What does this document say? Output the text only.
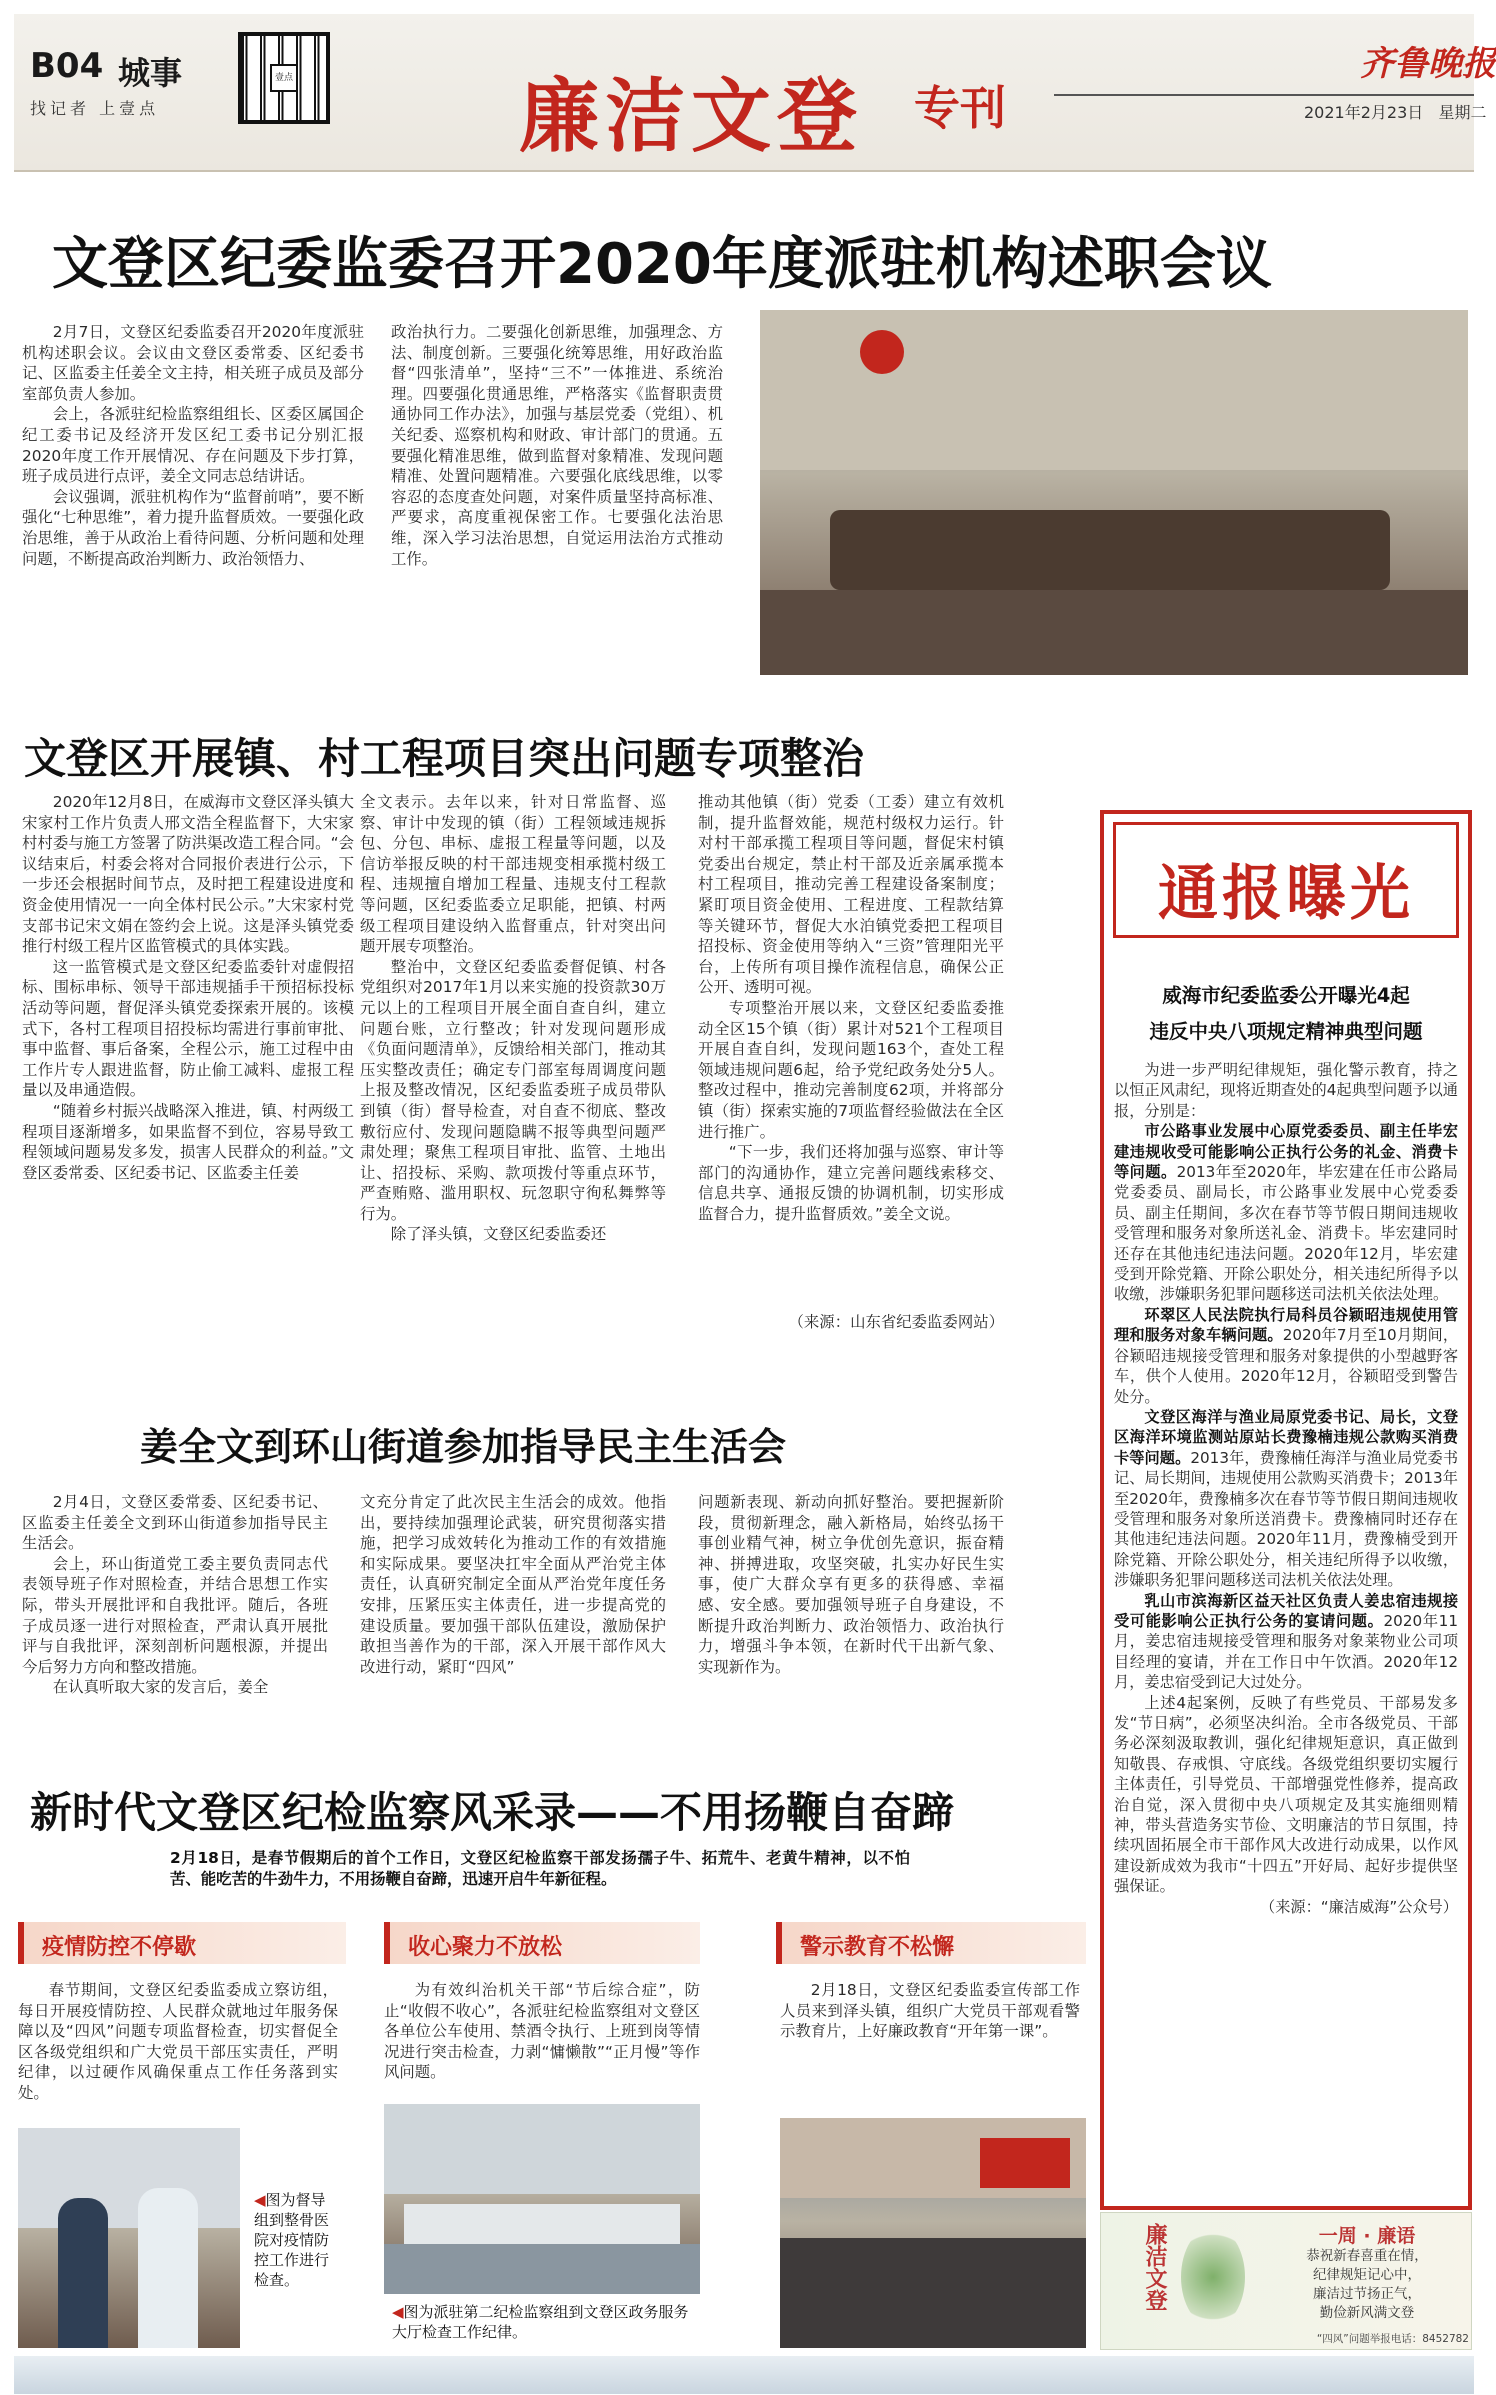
B04 城事
找记者 上壹点
壹点	廉洁文登 专刊
齐鲁晚报
2021年2月23日 星期二
文登区纪委监委召开2020年度派驻机构述职会议

2月7日，文登区纪委监委召开2020年度派驻机构述职会议。会议由文登区委常委、区纪委书记、区监委主任姜全文主持，相关班子成员及部分室部负责人参加。

会上，各派驻纪检监察组组长、区委区属国企纪工委书记及经济开发区纪工委书记分别汇报2020年度工作开展情况、存在问题及下步打算，班子成员进行点评，姜全文同志总结讲话。

会议强调，派驻机构作为“监督前哨”，要不断强化“七种思维”，着力提升监督质效。一要强化政治思维，善于从政治上看待问题、分析问题和处理问题，不断提高政治判断力、政治领悟力、

政治执行力。二要强化创新思维，加强理念、方法、制度创新。三要强化统筹思维，用好政治监督“四张清单”，坚持“三不”一体推进、系统治理。四要强化贯通思维，严格落实《监督职责贯通协同工作办法》，加强与基层党委（党组）、机关纪委、巡察机构和财政、审计部门的贯通。五要强化精准思维，做到监督对象精准、发现问题精准、处置问题精准。六要强化底线思维，以零容忍的态度查处问题，对案件质量坚持高标准、严要求，高度重视保密工作。七要强化法治思维，深入学习法治思想，自觉运用法治方式推动工作。

文登区开展镇、村工程项目突出问题专项整治

2020年12月8日，在威海市文登区泽头镇大宋家村工作片负责人邢文浩全程监督下，大宋家村村委与施工方签署了防洪渠改造工程合同。“会议结束后，村委会将对合同报价表进行公示，下一步还会根据时间节点，及时把工程建设进度和资金使用情况一一向全体村民公示。”大宋家村党支部书记宋文娟在签约会上说。这是泽头镇党委推行村级工程片区监管模式的具体实践。

这一监管模式是文登区纪委监委针对虚假招标、围标串标、领导干部违规插手干预招标投标活动等问题，督促泽头镇党委探索开展的。该模式下，各村工程项目招投标均需进行事前审批、事中监督、事后备案，全程公示，施工过程中由工作片专人跟进监督，防止偷工减料、虚报工程量以及串通造假。

“随着乡村振兴战略深入推进，镇、村两级工程项目逐渐增多，如果监督不到位，容易导致工程领域问题易发多发，损害人民群众的利益。”文登区委常委、区纪委书记、区监委主任姜

全文表示。去年以来，针对日常监督、巡察、审计中发现的镇（街）工程领域违规拆包、分包、串标、虚报工程量等问题，以及信访举报反映的村干部违规变相承揽村级工程、违规擅自增加工程量、违规支付工程款等问题，区纪委监委立足职能，把镇、村两级工程项目建设纳入监督重点，针对突出问题开展专项整治。

整治中，文登区纪委监委督促镇、村各党组织对2017年1月以来实施的投资款30万元以上的工程项目开展全面自查自纠，建立问题台账，立行整改；针对发现问题形成《负面问题清单》，反馈给相关部门，推动其压实整改责任；确定专门部室每周调度问题上报及整改情况，区纪委监委班子成员带队到镇（街）督导检查，对自查不彻底、整改敷衍应付、发现问题隐瞒不报等典型问题严肃处理；聚焦工程项目审批、监管、土地出让、招投标、采购、款项拨付等重点环节，严查贿赂、滥用职权、玩忽职守徇私舞弊等行为。

除了泽头镇，文登区纪委监委还

推动其他镇（街）党委（工委）建立有效机制，提升监督效能，规范村级权力运行。针对村干部承揽工程项目等问题，督促宋村镇党委出台规定，禁止村干部及近亲属承揽本村工程项目，推动完善工程建设备案制度；紧盯项目资金使用、工程进度、工程款结算等关键环节，督促大水泊镇党委把工程项目招投标、资金使用等纳入“三资”管理阳光平台，上传所有项目操作流程信息，确保公正公开、透明可视。

专项整治开展以来，文登区纪委监委推动全区15个镇（街）累计对521个工程项目开展自查自纠，发现问题163个，查处工程领域违规问题6起，给予党纪政务处分5人。整改过程中，推动完善制度62项，并将部分镇（街）探索实施的7项监督经验做法在全区进行推广。

“下一步，我们还将加强与巡察、审计等部门的沟通协作，建立完善问题线索移交、信息共享、通报反馈的协调机制，切实形成监督合力，提升监督质效。”姜全文说。

（来源：山东省纪委监委网站）
姜全文到环山街道参加指导民主生活会

2月4日，文登区委常委、区纪委书记、区监委主任姜全文到环山街道参加指导民主生活会。

会上，环山街道党工委主要负责同志代表领导班子作对照检查，并结合思想工作实际，带头开展批评和自我批评。随后，各班子成员逐一进行对照检查，严肃认真开展批评与自我批评，深刻剖析问题根源，并提出今后努力方向和整改措施。

在认真听取大家的发言后，姜全

文充分肯定了此次民主生活会的成效。他指出，要持续加强理论武装，研究贯彻落实措施，把学习成效转化为推动工作的有效措施和实际成果。要坚决扛牢全面从严治党主体责任，认真研究制定全面从严治党年度任务安排，压紧压实主体责任，进一步提高党的建设质量。要加强干部队伍建设，激励保护敢担当善作为的干部，深入开展干部作风大改进行动，紧盯“四风”

问题新表现、新动向抓好整治。要把握新阶段，贯彻新理念，融入新格局，始终弘扬干事创业精气神，树立争优创先意识，振奋精神、拼搏进取，攻坚突破，扎实办好民生实事，使广大群众享有更多的获得感、幸福感、安全感。要加强领导班子自身建设，不断提升政治判断力、政治领悟力、政治执行力，增强斗争本领，在新时代干出新气象、实现新作为。

新时代文登区纪检监察风采录——不用扬鞭自奋蹄
2月18日，是春节假期后的首个工作日，文登区纪检监察干部发扬孺子牛、拓荒牛、老黄牛精神，以不怕苦、能吃苦的牛劲牛力，不用扬鞭自奋蹄，迅速开启牛年新征程。
疫情防控不停歇

春节期间，文登区纪委监委成立察访组，每日开展疫情防控、人民群众就地过年服务保障以及“四风”问题专项监督检查，切实督促全区各级党组织和广大党员干部压实责任，严明纪律，以过硬作风确保重点工作任务落到实处。

◀图为督导组到整骨医院对疫情防控工作进行检查。
收心聚力不放松

为有效纠治机关干部“节后综合症”，防止“收假不收心”，各派驻纪检监察组对文登区各单位公车使用、禁酒令执行、上班到岗等情况进行突击检查，力剥“慵懒散”“正月慢”等作风问题。

◀图为派驻第二纪检监察组到文登区政务服务大厅检查工作纪律。
警示教育不松懈

2月18日，文登区纪委监委宣传部工作人员来到泽头镇，组织广大党员干部观看警示教育片，上好廉政教育“开年第一课”。

通报曝光
威海市纪委监委公开曝光4起
违反中央八项规定精神典型问题

为进一步严明纪律规矩，强化警示教育，持之以恒正风肃纪，现将近期查处的4起典型问题予以通报，分别是：

市公路事业发展中心原党委委员、副主任毕宏建违规收受可能影响公正执行公务的礼金、消费卡等问题。2013年至2020年，毕宏建在任市公路局党委委员、副局长，市公路事业发展中心党委委员、副主任期间，多次在春节等节假日期间违规收受管理和服务对象所送礼金、消费卡。毕宏建同时还存在其他违纪违法问题。2020年12月，毕宏建受到开除党籍、开除公职处分，相关违纪所得予以收缴，涉嫌职务犯罪问题移送司法机关依法处理。

环翠区人民法院执行局科员谷颖昭违规使用管理和服务对象车辆问题。2020年7月至10月期间，谷颖昭违规接受管理和服务对象提供的小型越野客车，供个人使用。2020年12月，谷颖昭受到警告处分。

文登区海洋与渔业局原党委书记、局长，文登区海洋环境监测站原站长费豫楠违规公款购买消费卡等问题。2013年，费豫楠任海洋与渔业局党委书记、局长期间，违规使用公款购买消费卡；2013年至2020年，费豫楠多次在春节等节假日期间违规收受管理和服务对象所送消费卡。费豫楠同时还存在其他违纪违法问题。2020年11月，费豫楠受到开除党籍、开除公职处分，相关违纪所得予以收缴，涉嫌职务犯罪问题移送司法机关依法处理。

乳山市滨海新区益天社区负责人姜忠宿违规接受可能影响公正执行公务的宴请问题。2020年11月，姜忠宿违规接受管理和服务对象莱物业公司项目经理的宴请，并在工作日中午饮酒。2020年12月，姜忠宿受到记大过处分。

上述4起案例，反映了有些党员、干部易发多发“节日病”，必须坚决纠治。全市各级党员、干部务必深刻汲取教训，强化纪律规矩意识，真正做到知敬畏、存戒惧、守底线。各级党组织要切实履行主体责任，引导党员、干部增强党性修养，提高政治自觉，深入贯彻中央八项规定及其实施细则精神，带头营造务实节俭、文明廉洁的节日氛围，持续巩固拓展全市干部作风大改进行动成果，以作风建设新成效为我市“十四五”开好局、起好步提供坚强保证。

（来源：“廉洁威海”公众号）

廉洁文登	一周 · 廉语
恭祝新春喜重在情，
纪律规矩记心中，
廉洁过节扬正气，
勤俭新风满文登
“四风”问题举报电话：8452782
